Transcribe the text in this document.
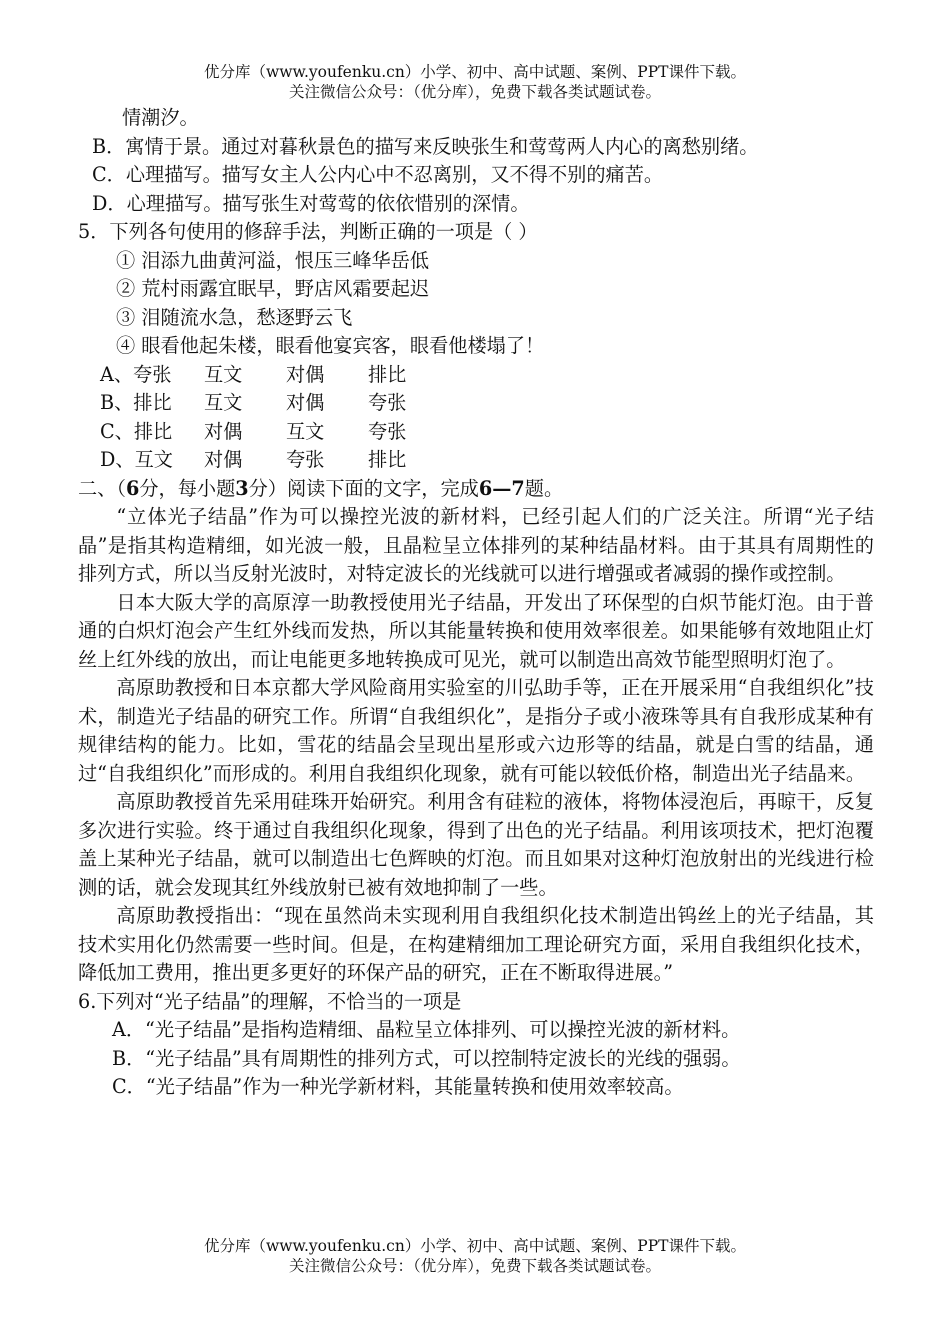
优分库（www.youfenku.cn）小学、初中、高中试题、案例、PPT课件下载。
关注微信公众号：（优分库），免费下载各类试题试卷。
情潮汐。
B．寓情于景。通过对暮秋景色的描写来反映张生和莺莺两人内心的离愁别绪。
C．心理描写。描写女主人公内心中不忍离别，又不得不别的痛苦。
D．心理描写。描写张生对莺莺的依依惜别的深情。
5．下列各句使用的修辞手法，判断正确的一项是（ ）
① 泪添九曲黄河溢，恨压三峰华岳低
② 荒村雨露宜眠早，野店风霜要起迟
③ 泪随流水急，愁逐野云飞
④ 眼看他起朱楼，眼看他宴宾客，眼看他楼塌了！
A、夸张 互文 对偶 排比
B、排比 互文 对偶 夸张
C、排比 对偶 互文 夸张
D、互文 对偶 夸张 排比
二、（6分，每小题3分）阅读下面的文字，完成6—7题。

“立体光子结晶”作为可以操控光波的新材料，已经引起人们的广泛关注。所谓“光子结晶”是指其构造精细，如光波一般，且晶粒呈立体排列的某种结晶材料。由于其具有周期性的排列方式，所以当反射光波时，对特定波长的光线就可以进行增强或者减弱的操作或控制。

日本大阪大学的高原淳一助教授使用光子结晶，开发出了环保型的白炽节能灯泡。由于普通的白炽灯泡会产生红外线而发热，所以其能量转换和使用效率很差。如果能够有效地阻止灯丝上红外线的放出，而让电能更多地转换成可见光，就可以制造出高效节能型照明灯泡了。

高原助教授和日本京都大学风险商用实验室的川弘助手等，正在开展采用“自我组织化”技术，制造光子结晶的研究工作。所谓“自我组织化”，是指分子或小液珠等具有自我形成某种有规律结构的能力。比如，雪花的结晶会呈现出星形或六边形等的结晶，就是白雪的结晶，通过“自我组织化”而形成的。利用自我组织化现象，就有可能以较低价格，制造出光子结晶来。

高原助教授首先采用硅珠开始研究。利用含有硅粒的液体，将物体浸泡后，再晾干，反复多次进行实验。终于通过自我组织化现象，得到了出色的光子结晶。利用该项技术，把灯泡覆盖上某种光子结晶，就可以制造出七色辉映的灯泡。而且如果对这种灯泡放射出的光线进行检测的话，就会发现其红外线放射已被有效地抑制了一些。

高原助教授指出：“现在虽然尚未实现利用自我组织化技术制造出钨丝上的光子结晶，其技术实用化仍然需要一些时间。但是，在构建精细加工理论研究方面，采用自我组织化技术，降低加工费用，推出更多更好的环保产品的研究，正在不断取得进展。”

6.下列对“光子结晶”的理解，不恰当的一项是
A．“光子结晶”是指构造精细、晶粒呈立体排列、可以操控光波的新材料。
B．“光子结晶”具有周期性的排列方式，可以控制特定波长的光线的强弱。
C．“光子结晶”作为一种光学新材料，其能量转换和使用效率较高。
优分库（www.youfenku.cn）小学、初中、高中试题、案例、PPT课件下载。
关注微信公众号：（优分库），免费下载各类试题试卷。
